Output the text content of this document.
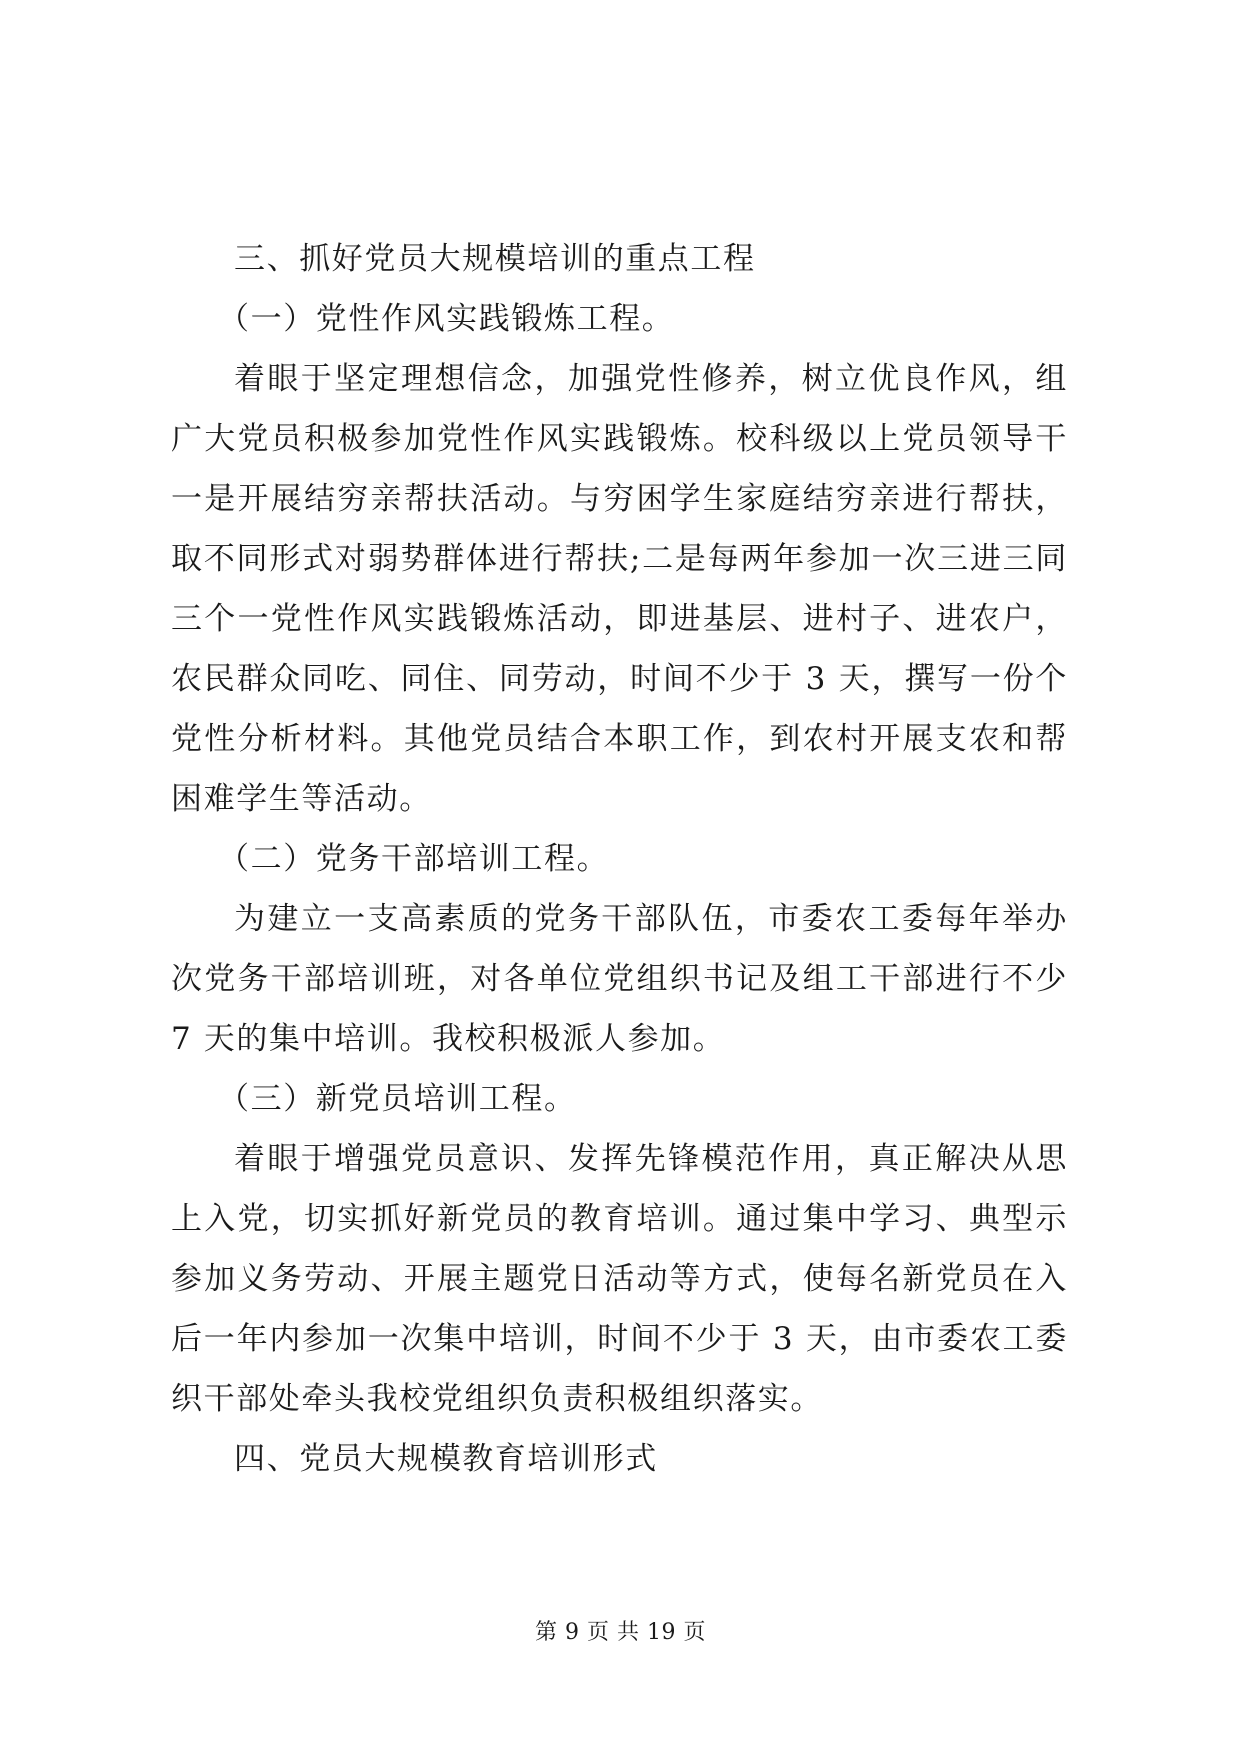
三、抓好党员大规模培训的重点工程
（一）党性作风实践锻炼工程。
着眼于坚定理想信念，加强党性修养，树立优良作风，组
广大党员积极参加党性作风实践锻炼。校科级以上党员领导干
一是开展结穷亲帮扶活动。与穷困学生家庭结穷亲进行帮扶，
取不同形式对弱势群体进行帮扶;二是每两年参加一次三进三同
三个一党性作风实践锻炼活动，即进基层、进村子、进农户，
农民群众同吃、同住、同劳动，时间不少于 3 天，撰写一份个
党性分析材料。其他党员结合本职工作，到农村开展支农和帮
困难学生等活动。
（二）党务干部培训工程。
为建立一支高素质的党务干部队伍，市委农工委每年举办
次党务干部培训班，对各单位党组织书记及组工干部进行不少
7 天的集中培训。我校积极派人参加。
（三）新党员培训工程。
着眼于增强党员意识、发挥先锋模范作用，真正解决从思
上入党，切实抓好新党员的教育培训。通过集中学习、典型示
参加义务劳动、开展主题党日活动等方式，使每名新党员在入
后一年内参加一次集中培训，时间不少于 3 天，由市委农工委
织干部处牵头我校党组织负责积极组织落实。
四、党员大规模教育培训形式
第 9 页 共 19 页
